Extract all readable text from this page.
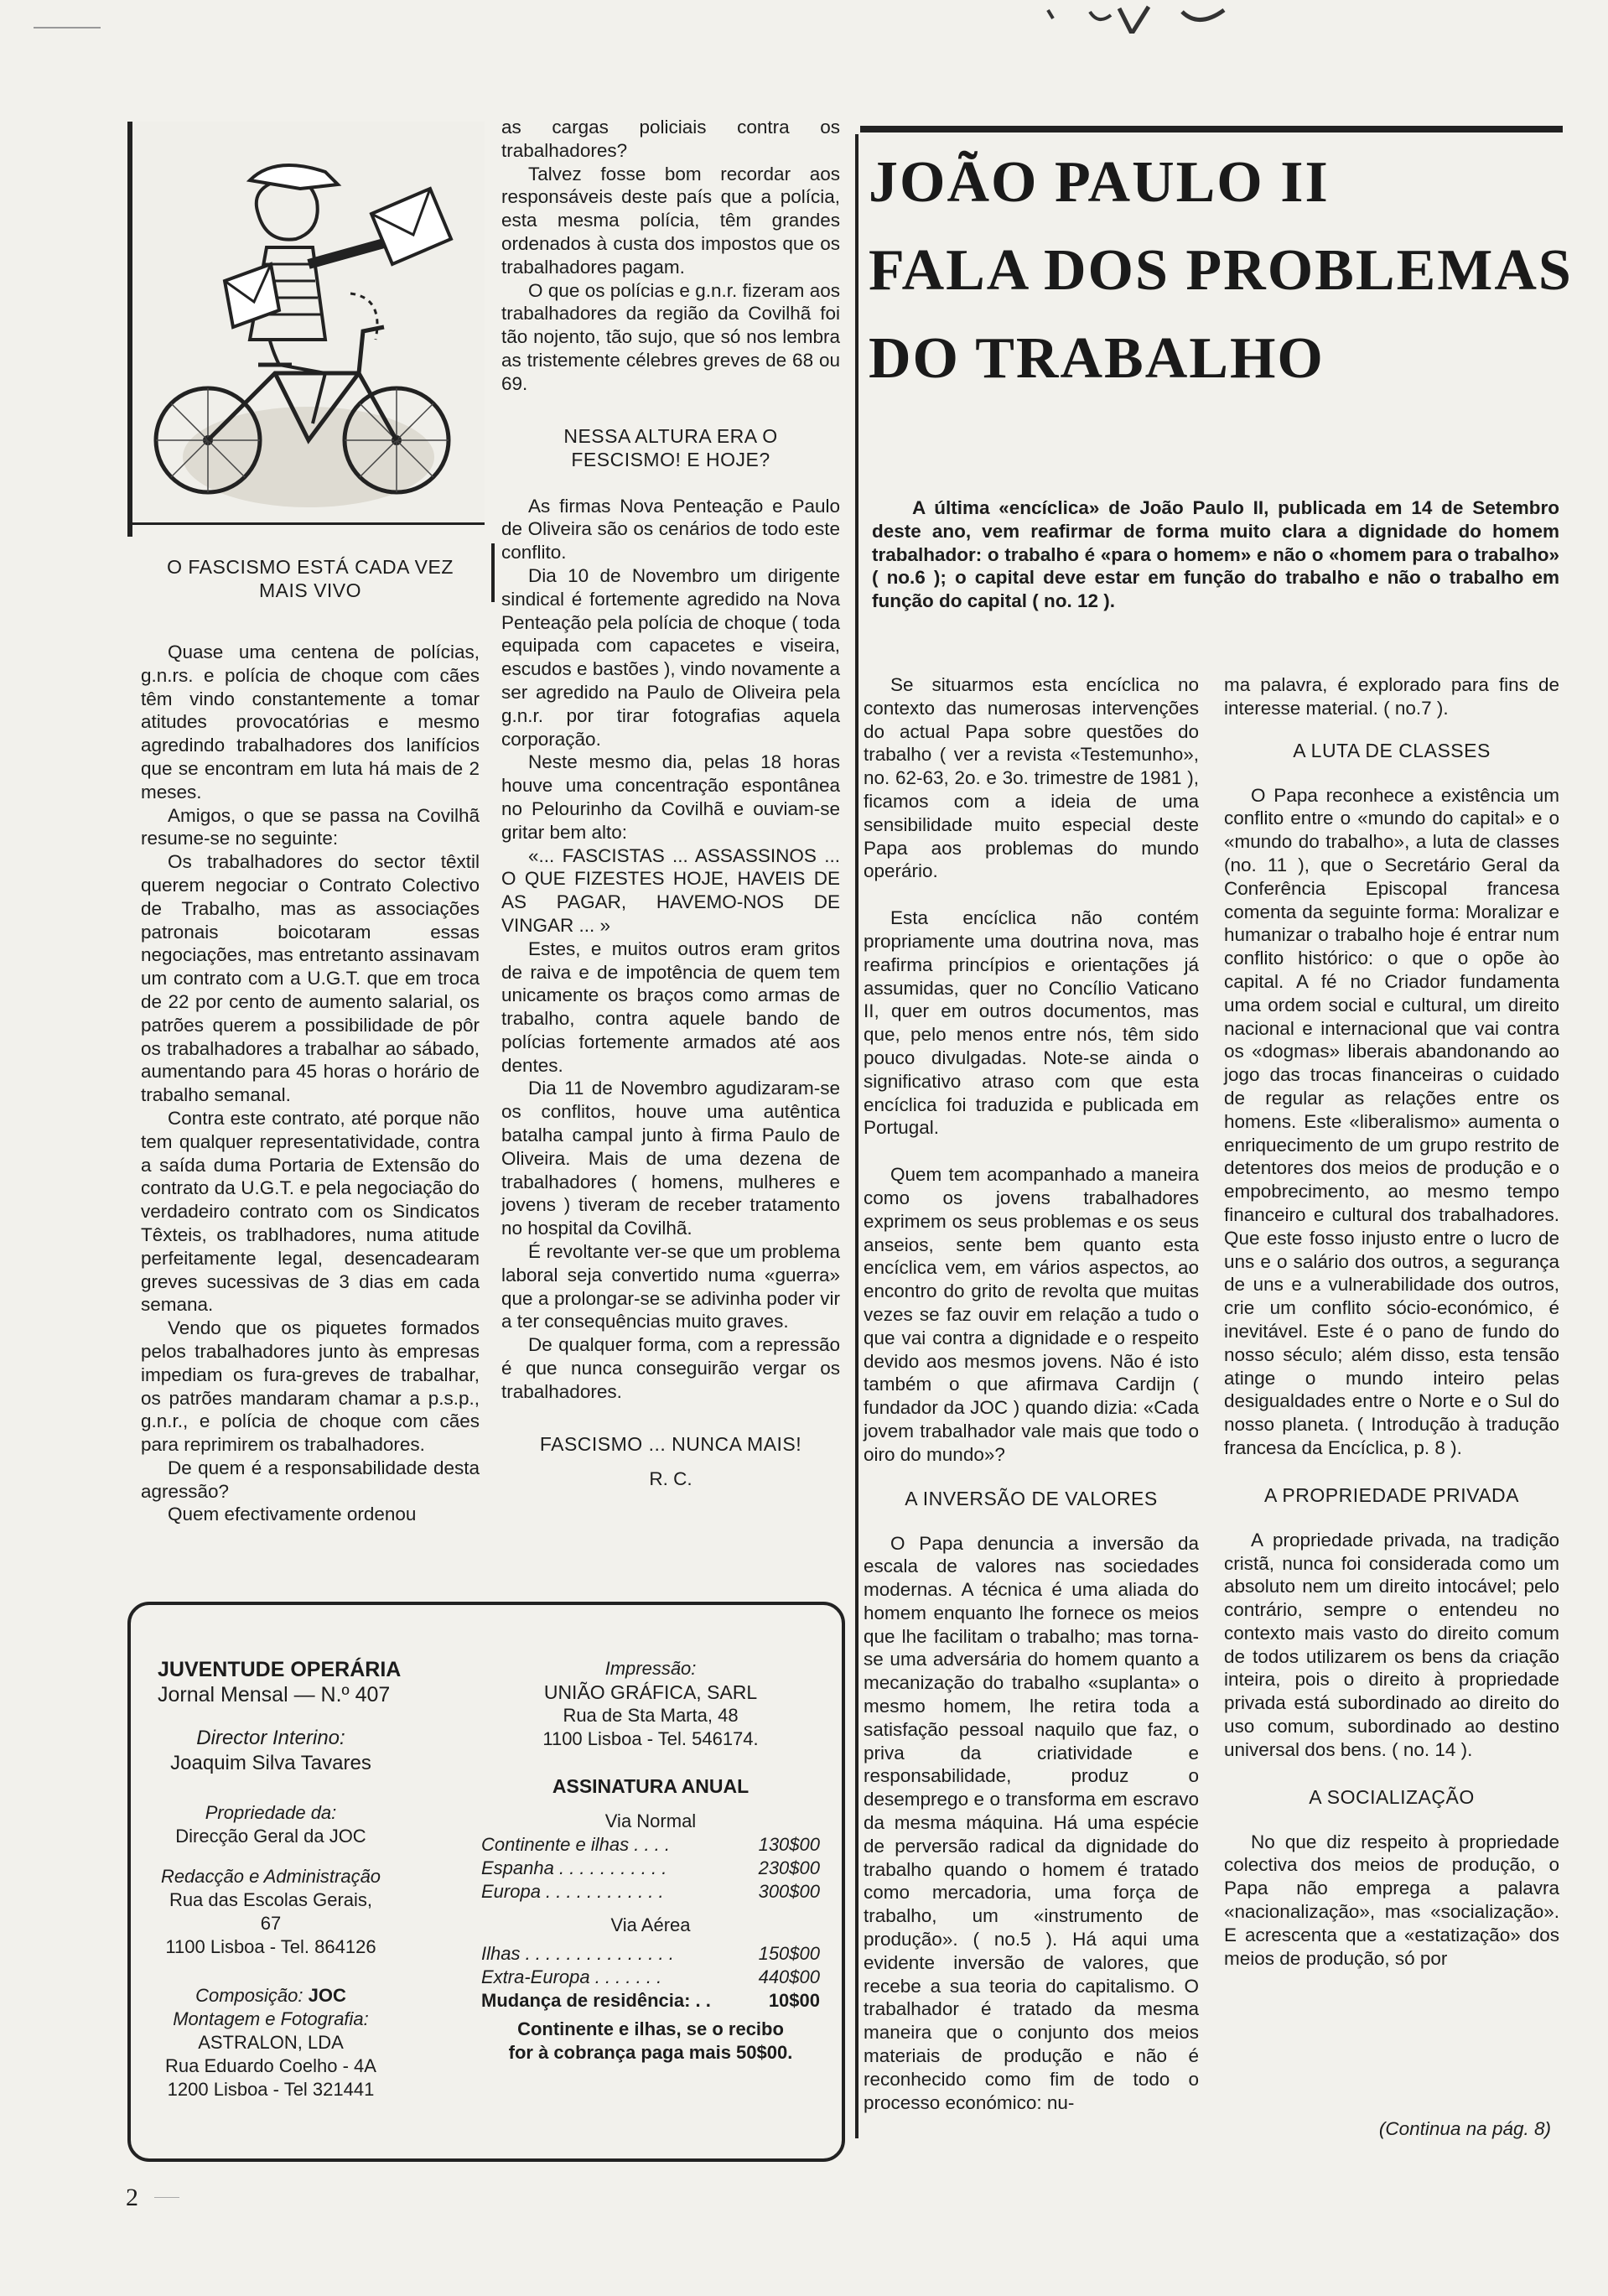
O FASCISMO ESTÁ CADA VEZ MAIS VIVO

Quase uma centena de polícias, g.n.rs. e polícia de choque com cães têm vindo constantemente a tomar atitudes provocatórias e mesmo agredindo trabalhadores dos lanifícios que se encontram em luta há mais de 2 meses.

Amigos, o que se passa na Covilhã resume-se no seguinte:

Os trabalhadores do sector têxtil querem negociar o Contrato Colectivo de Trabalho, mas as associações patronais boicotaram essas negociações, mas entretanto assinavam um contrato com a U.G.T. que em troca de 22 por cento de aumento salarial, os patrões querem a possibilidade de pôr os trabalhadores a trabalhar ao sábado, aumentando para 45 horas o horário de trabalho semanal.

Contra este contrato, até porque não tem qualquer representatividade, contra a saída duma Portaria de Extensão do contrato da U.G.T. e pela negociação do verdadeiro contrato com os Sindicatos Têxteis, os trablhadores, numa atitude perfeitamente legal, desencadearam greves sucessivas de 3 dias em cada semana.

Vendo que os piquetes formados pelos trabalhadores junto às empresas impediam os fura-greves de trabalhar, os patrões mandaram chamar a p.s.p., g.n.r., e polícia de choque com cães para reprimirem os trabalhadores.

De quem é a responsabilidade desta agressão?

Quem efectivamente ordenou

as cargas policiais contra os trabalhadores?

Talvez fosse bom recordar aos responsáveis deste país que a polícia, esta mesma polícia, têm grandes ordenados à custa dos impostos que os trabalhadores pagam.

O que os polícias e g.n.r. fizeram aos trabalhadores da região da Covilhã foi tão nojento, tão sujo, que só nos lembra as tristemente célebres greves de 68 ou 69.

NESSA ALTURA ERA O FESCISMO! E HOJE?

As firmas Nova Penteação e Paulo de Oliveira são os cenários de todo este conflito.

Dia 10 de Novembro um dirigente sindical é fortemente agredido na Nova Penteação pela polícia de choque ( toda equipada com capacetes e viseira, escudos e bastões ), vindo novamente a ser agredido na Paulo de Oliveira pela g.n.r. por tirar fotografias aquela corporação.

Neste mesmo dia, pelas 18 horas houve uma concentração espontânea no Pelourinho da Covilhã e ouviam-se gritar bem alto:

«... FASCISTAS ... ASSASSINOS ... O QUE FIZESTES HOJE, HAVEIS DE AS PAGAR, HAVEMO-NOS DE VINGAR ... »

Estes, e muitos outros eram gritos de raiva e de impotência de quem tem unicamente os braços como armas de trabalho, contra aquele bando de polícias fortemente armados até aos dentes.

Dia 11 de Novembro agudizaram-se os conflitos, houve uma autêntica batalha campal junto à firma Paulo de Oliveira. Mais de uma dezena de trabalhadores ( homens, mulheres e jovens ) tiveram de receber tratamento no hospital da Covilhã.

É revoltante ver-se que um problema laboral seja convertido numa «guerra» que a prolongar-se se adivinha poder vir a ter consequências muito graves.

De qualquer forma, com a repressão é que nunca conseguirão vergar os trabalhadores.

FASCISMO ... NUNCA MAIS!
R. C.
JOÃO PAULO II
FALA DOS PROBLEMAS
DO TRABALHO

A última «encíclica» de João Paulo II, publicada em 14 de Setembro deste ano, vem reafirmar de forma muito clara a dignidade do homem trabalhador: o trabalho é «para o homem» e não o «homem para o trabalho» ( no.6 ); o capital deve estar em função do trabalho e não o trabalho em função do capital ( no. 12 ).

Se situarmos esta encíclica no contexto das numerosas intervenções do actual Papa sobre questões do trabalho ( ver a revista «Testemunho», no. 62-63, 2o. e 3o. trimestre de 1981 ), ficamos com a ideia de uma sensibilidade muito especial deste Papa aos problemas do mundo operário.

Esta encíclica não contém propriamente uma doutrina nova, mas reafirma princípios e orientações já assumidas, quer no Concílio Vaticano II, quer em outros documentos, mas que, pelo menos entre nós, têm sido pouco divulgadas. Note-se ainda o significativo atraso com que esta encíclica foi traduzida e publicada em Portugal.

Quem tem acompanhado a maneira como os jovens trabalhadores exprimem os seus problemas e os seus anseios, sente bem quanto esta encíclica vem, em vários aspectos, ao encontro do grito de revolta que muitas vezes se faz ouvir em relação a tudo o que vai contra a dignidade e o respeito devido aos mesmos jovens. Não é isto também o que afirmava Cardijn ( fundador da JOC ) quando dizia: «Cada jovem trabalhador vale mais que todo o oiro do mundo»?

A INVERSÃO DE VALORES

O Papa denuncia a inversão da escala de valores nas sociedades modernas. A técnica é uma aliada do homem enquanto lhe fornece os meios que lhe facilitam o trabalho; mas torna-se uma adversária do homem quanto a mecanização do trabalho «suplanta» o mesmo homem, lhe retira toda a satisfação pessoal naquilo que faz, o priva da criatividade e responsabilidade, produz o desemprego e o transforma em escravo da mesma máquina. Há uma espécie de perversão radical da dignidade do trabalho quando o homem é tratado como mercadoria, uma força de trabalho, um «instrumento de produção». ( no.5 ). Há aqui uma evidente inversão de valores, que recebe a sua teoria do capitalismo. O trabalhador é tratado da mesma maneira que o conjunto dos meios materiais de produção e não é reconhecido como fim de todo o processo económico: nu-

ma palavra, é explorado para fins de interesse material. ( no.7 ).

A LUTA DE CLASSES

O Papa reconhece a existência um conflito entre o «mundo do capital» e o «mundo do trabalho», a luta de classes (no. 11 ), que o Secretário Geral da Conferência Episcopal francesa comenta da seguinte forma: Moralizar e humanizar o trabalho hoje é entrar num conflito histórico: o que o opõe ào capital. A fé no Criador fundamenta uma ordem social e cultural, um direito nacional e internacional que vai contra os «dogmas» liberais abandonando ao jogo das trocas financeiras o cuidado de regular as relações entre os homens. Este «liberalismo» aumenta o enriquecimento de um grupo restrito de detentores dos meios de produção e o empobrecimento, ao mesmo tempo financeiro e cultural dos trabalhadores. Que este fosso injusto entre o lucro de uns e o salário dos outros, a segurança de uns e a vulnerabilidade dos outros, crie um conflito sócio-económico, é inevitável. Este é o pano de fundo do nosso século; além disso, esta tensão atinge o mundo inteiro pelas desigualdades entre o Norte e o Sul do nosso planeta. ( Introdução à tradução francesa da Encíclica, p. 8 ).

A PROPRIEDADE PRIVADA

A propriedade privada, na tradição cristã, nunca foi considerada como um absoluto nem um direito intocável; pelo contrário, sempre o entendeu no contexto mais vasto do direito comum de todos utilizarem os bens da criação inteira, pois o direito à propriedade privada está subordinado ao direito do uso comum, subordinado ao destino universal dos bens. ( no. 14 ).

A SOCIALIZAÇÃO

No que diz respeito à propriedade colectiva dos meios de produção, o Papa não emprega a palavra «nacionalização», mas «socialização». E acrescenta que a «estatização» dos meios de produção, só por

(Continua na pág. 8)
JUVENTUDE OPERÁRIA
Jornal Mensal — N.º 407
Director Interino:
Joaquim Silva Tavares
Propriedade da:
Direcção Geral da JOC
Redacção e Administração
Rua das Escolas Gerais, 67
1100 Lisboa - Tel. 864126
Composição: JOC
Montagem e Fotografia:
ASTRALON, LDA
Rua Eduardo Coelho - 4A
1200 Lisboa - Tel 321441
Impressão:
UNIÃO GRÁFICA, SARL
Rua de Sta Marta, 48
1100 Lisboa - Tel. 546174.
ASSINATURA ANUAL
Via Normal
Continente e ilhas . . . .	130$00
Espanha . . . . . . . . . . .	230$00
Europa . . . . . . . . . . . .	300$00
Via Aérea
Ilhas . . . . . . . . . . . . . . .	150$00
Extra-Europa . . . . . . .	440$00
Mudança de residência: . .	10$00
Continente e ilhas, se o recibo
for à cobrança paga mais 50$00.
2
